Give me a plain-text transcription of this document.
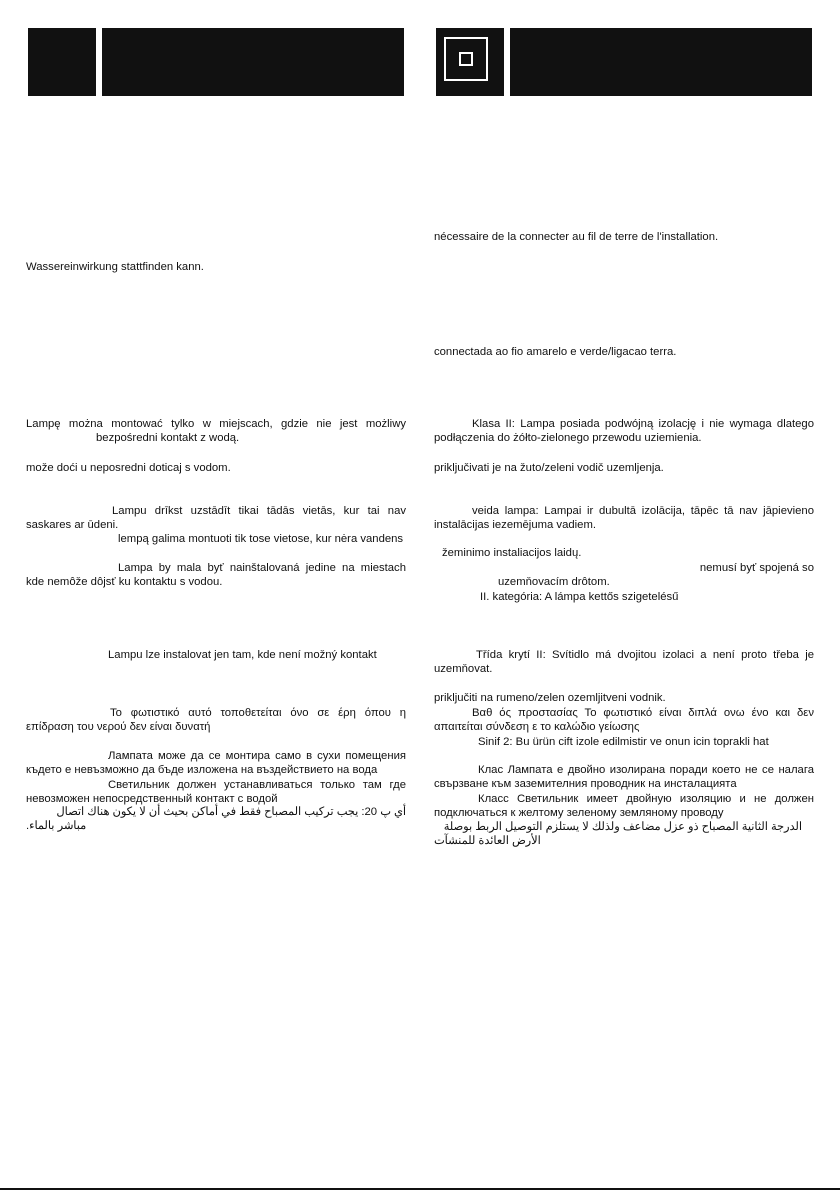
Wassereinwirkung stattfinden kann.
Lampę można montować tylko w miejscach, gdzie nie jest możliwy bezpośredni kontakt z wodą.
može doći u neposredni doticaj s vodom.
Lampu drīkst uzstādīt tikai tādās vietās, kur tai nav saskares ar ūdeni.
lempą galima montuoti tik tose vietose, kur nėra vandens
Lampa by mala byť nainštalovaná jedine na miestach kde nemôže dôjsť ku kontaktu s vodou.
Lampu lze instalovat jen tam, kde není možný kontakt
Το φωτιστικό αυτό τοποθετείται όνο σε έρη όπου η επίδραση του νερού δεν είναι δυνατή
Лампата може да се монтира само в сухи помещения където е невъзможно да бъде изложена на въздействието на вода
Светильник должен устанавливаться только там где невозможен непосредственный контакт с водой
أي پ 20: يجب تركيب المصباح فقط في أماكن بحيث أن لا يكون هناك اتصال مباشر بالماء.
nécessaire de la connecter au fil de terre de l'installation.
connectada ao fio amarelo e verde/ligacao terra.
Klasa II: Lampa posiada podwójną izolację i nie wymaga dlatego podłączenia do żółto-zielonego przewodu uziemienia.
priključivati je na žuto/zeleni vodič uzemljenja.
veida lampa: Lampai ir dubultā izolācija, tāpēc tā nav jāpievieno instalācijas iezemējuma vadiem.
žeminimo instaliacijos laidų.
nemusí byť spojená so
uzemňovacím drôtom.
II. kategória: A lámpa kettős szigetelésű
Třída krytí II: Svítidlo má dvojitou izolaci a není proto třeba je uzemňovat.
priključiti na rumeno/zelen ozemljitveni vodnik.
Βαθ ός προστασίας Το φωτιστικό είναι διπλά ονω ένο και δεν απαιτείται σύνδεση ε το καλώδιο γείωσης
Sinif 2: Bu ürün cift izole edilmistir ve onun icin toprakli hat
Клас Лампата е двойно изолирана поради което не се налага свързване към заземителния проводник на инсталацията
Класс Светильник имеет двойную изоляцию и не должен подключаться к желтому зеленому земляному проводу
الدرجة الثانية المصباح ذو عزل مضاعف ولذلك لا يستلزم التوصيل الربط بوصلة الأرض العائدة للمنشآت
